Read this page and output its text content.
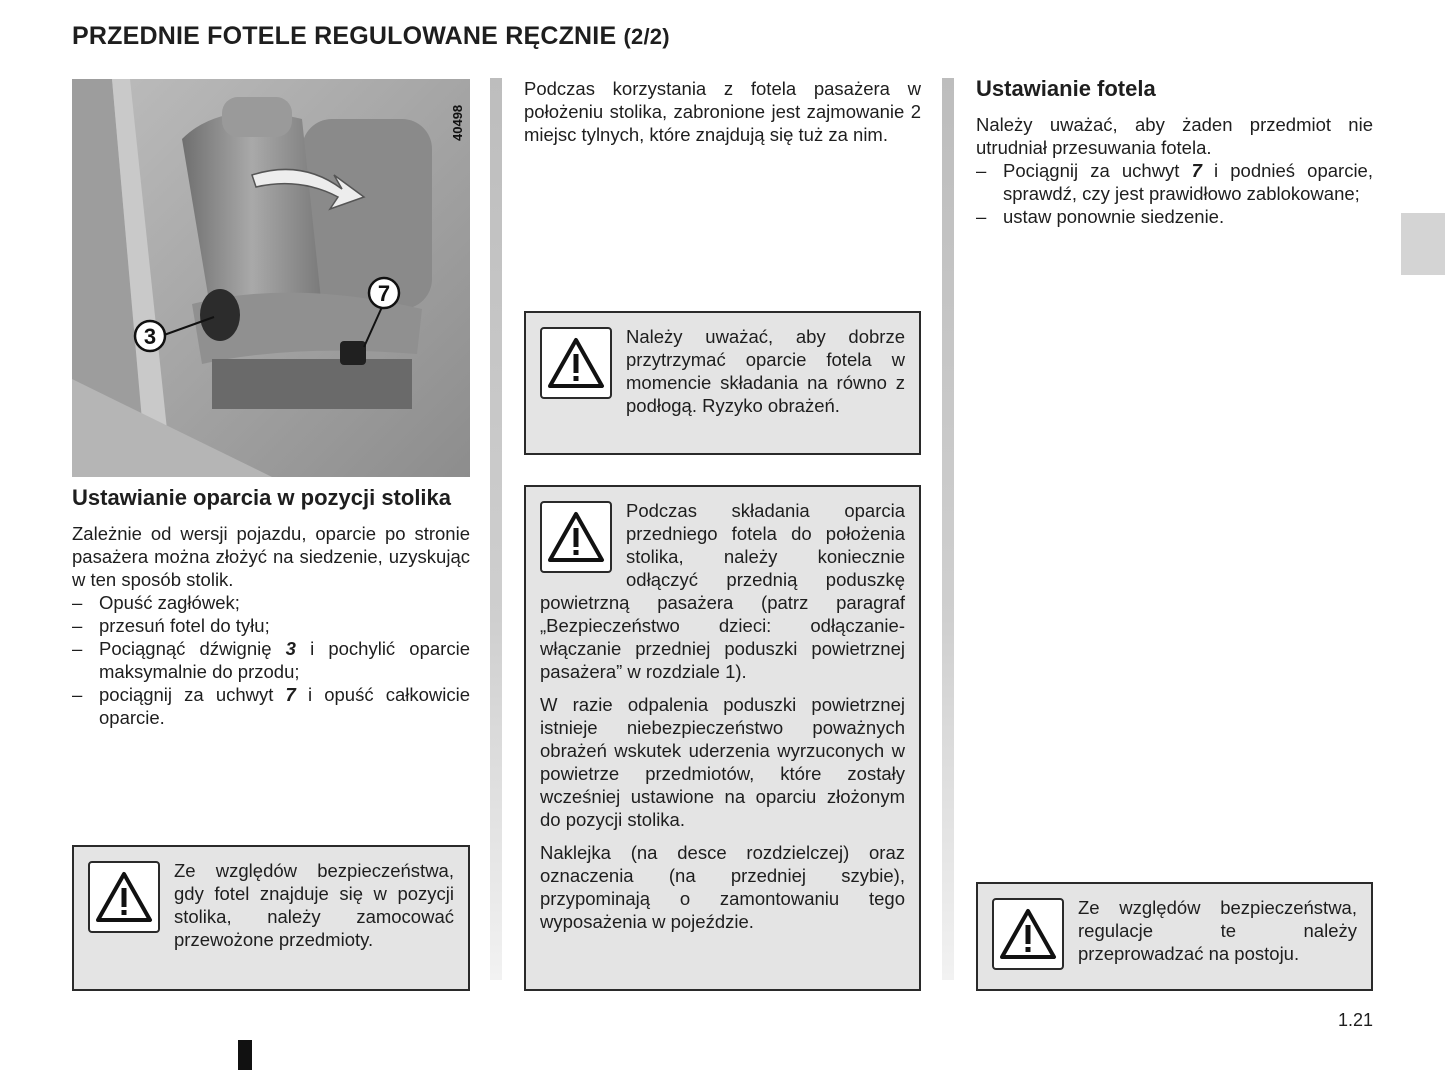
PRZEDNIE FOTELE REGULOWANE RĘCZNIE (2/2)
3
7
40498
Ustawianie oparcia w pozycji stolika
Zależnie od wersji pojazdu, oparcie po stronie pasażera można złożyć na siedzenie, uzyskując w ten sposób stolik.
– Opuść zagłówek;
– przesuń fotel do tyłu;
– Pociągnąć dźwignię 3 i pochylić oparcie maksymalnie do przodu;
– pociągnij za uchwyt 7 i opuść całkowicie oparcie.

Ze względów bezpieczeństwa, gdy fotel znajduje się w pozycji stolika, należy zamocować przewożone przedmioty.

Podczas korzystania z fotela pasażera w położeniu stolika, zabronione jest zajmowanie 2 miejsc tylnych, które znajdują się tuż za nim.

Należy uważać, aby dobrze przytrzymać oparcie fotela w momencie składania na równo z podłogą. Ryzyko obrażeń.

Podczas składania oparcia przedniego fotela do położenia stolika, należy koniecznie odłączyć przednią poduszkę powietrzną pasażera (patrz paragraf „Bezpieczeństwo dzieci: odłączanie-włączanie przedniej poduszki powietrznej pasażera” w rozdziale 1).

W razie odpalenia poduszki powietrznej istnieje niebezpieczeństwo poważnych obrażeń wskutek uderzenia wyrzuconych w powietrze przedmiotów, które zostały wcześniej ustawione na oparciu złożonym do pozycji stolika.

Naklejka (na desce rozdzielczej) oraz oznaczenia (na przedniej szybie), przypominają o zamontowaniu tego wyposażenia w pojeździe.

Ustawianie fotela
Należy uważać, aby żaden przedmiot nie utrudniał przesuwania fotela.
– Pociągnij za uchwyt 7 i podnieś oparcie, sprawdź, czy jest prawidłowo zablokowane;
– ustaw ponownie siedzenie.

Ze względów bezpieczeństwa, regulacje te należy przeprowadzać na postoju.

1.21
